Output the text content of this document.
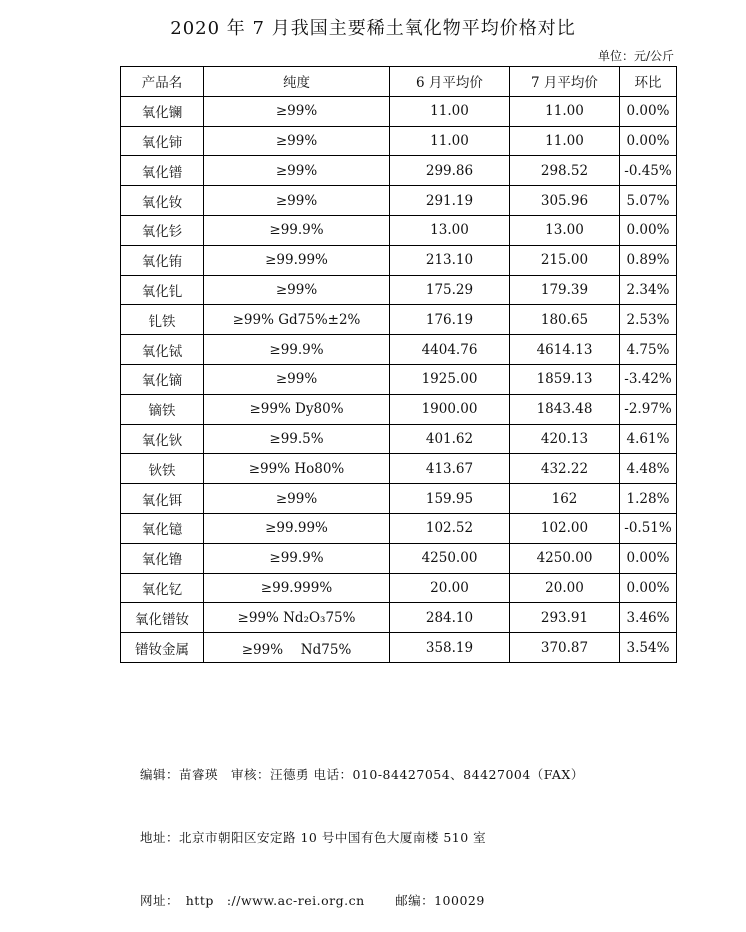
2020 年 7 月我国主要稀土氧化物平均价格对比
单位：元/公斤
产品名	纯度	6 月平均价	7 月平均价	环比
氧化镧	≥99%	11.00	11.00	0.00%
氧化铈	≥99%	11.00	11.00	0.00%
氧化镨	≥99%	299.86	298.52	-0.45%
氧化钕	≥99%	291.19	305.96	5.07%
氧化钐	≥99.9%	13.00	13.00	0.00%
氧化铕	≥99.99%	213.10	215.00	0.89%
氧化钆	≥99%	175.29	179.39	2.34%
钆铁	≥99% Gd75%±2%	176.19	180.65	2.53%
氧化铽	≥99.9%	4404.76	4614.13	4.75%
氧化镝	≥99%	1925.00	1859.13	-3.42%
镝铁	≥99% Dy80%	1900.00	1843.48	-2.97%
氧化钬	≥99.5%	401.62	420.13	4.61%
钬铁	≥99% Ho80%	413.67	432.22	4.48%
氧化铒	≥99%	159.95	162	1.28%
氧化镱	≥99.99%	102.52	102.00	-0.51%
氧化镥	≥99.9%	4250.00	4250.00	0.00%
氧化钇	≥99.999%	20.00	20.00	0.00%
氧化镨钕	≥99% Nd₂O₃75%	284.10	293.91	3.46%
镨钕金属	≥99%　 Nd75%	358.19	370.87	3.54%

编辑：苗睿瑛　审核：汪德勇 电话：010-84427054、84427004（FAX）

地址：北京市朝阳区安定路 10 号中国有色大厦南楼 510 室

网址：　http　://www.ac-rei.org.cn　　 邮编：100029
